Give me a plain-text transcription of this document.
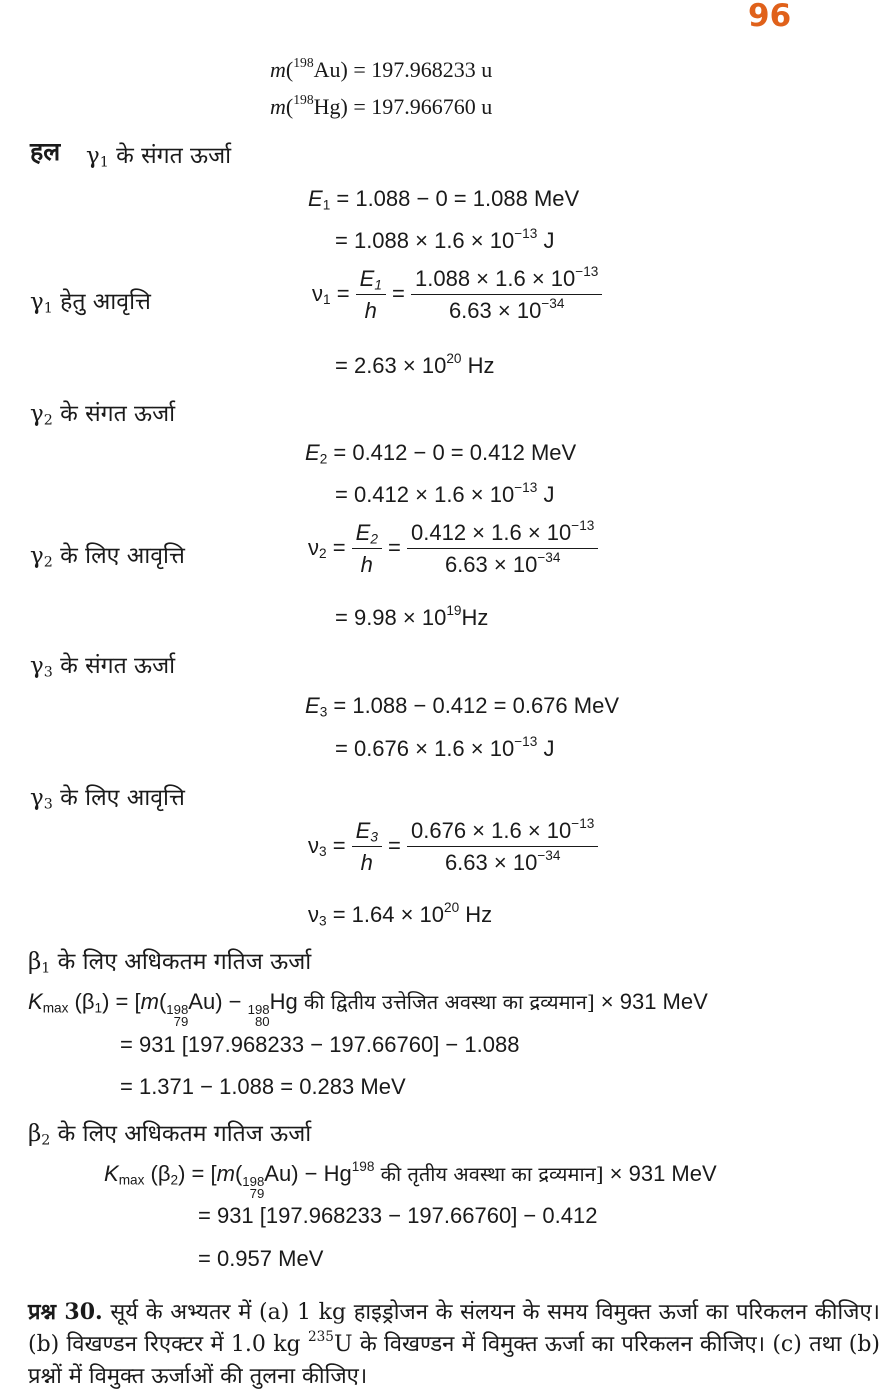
96
m($^{198}$Au) = 197.968233 u
m($^{198}$Hg) = 197.966760 u
हल $\gamma_1$ के संगत ऊर्जा
$E_1 = 1.088 - 0 = 1.088$ MeV
= $1.088 \times 1.6 \times 10^{-13}$ J
$\gamma_1$ हेतु आवृत्ति	$\nu_1 = \frac{E_1}{h} = \frac{1.088 \times 1.6 \times 10^{-13}}{6.63 \times 10^{-34}}$
= $2.63 \times 10^{20}$ Hz
$\gamma_2$ के संगत ऊर्जा
$E_2 = 0.412 - 0 = 0.412$ MeV
= $0.412 \times 1.6 \times 10^{-13}$ J
$\gamma_2$ के लिए आवृत्ति	$\nu_2 = \frac{E_2}{h} = \frac{0.412 \times 1.6 \times 10^{-13}}{6.63 \times 10^{-34}}$
= $9.98 \times 10^{19}Hz$
$\gamma_3$ के संगत ऊर्जा
$E_3 = 1.088 - 0.412 = 0.676$ MeV
= $0.676 \times 1.6 \times 10^{-13}$ J
$\gamma_3$ के लिए आवृत्ति
$\nu_3 = \frac{E_3}{h} = \frac{0.676 \times 1.6 \times 10^{-13}}{6.63 \times 10^{-34}}$
$\nu_3 = 1.64 \times 10^{20}$ Hz
$\beta_1$ के लिए अधिकतम गतिज ऊर्जा
$K_{max}$ $(\beta_1) = [m$( 198
79
Au) − 198
80
Hg की द्वितीय उत्तेजित अवस्था का द्रव्यमान] × 931 MeV
= 931 [197.968233 − 197.66760] − 1.088
= 1.371 − 1.088 = 0.283 MeV
$\beta_2$ के लिए अधिकतम गतिज ऊर्जा
$K_{max}$ $(\beta_2) = [m$( 198
79
$Au) - Hg^{198}$ की तृतीय अवस्था का द्रव्यमान] × 931 MeV
= 931 [197.968233 − 197.66760] − 0.412
= 0.957 MeV
प्रश्न 30. सूर्य के अभ्यतर में (a) 1 kg हाइड्रोजन के संलयन के समय विमुक्त ऊर्जा का परिकलन कीजिए। (b) विखण्डन रिएक्टर में 1.0 kg $^{235}$U के विखण्डन में विमुक्त ऊर्जा का परिकलन कीजिए। (c) तथा (b) प्रश्नों में विमुक्त ऊर्जाओं की तुलना कीजिए।
